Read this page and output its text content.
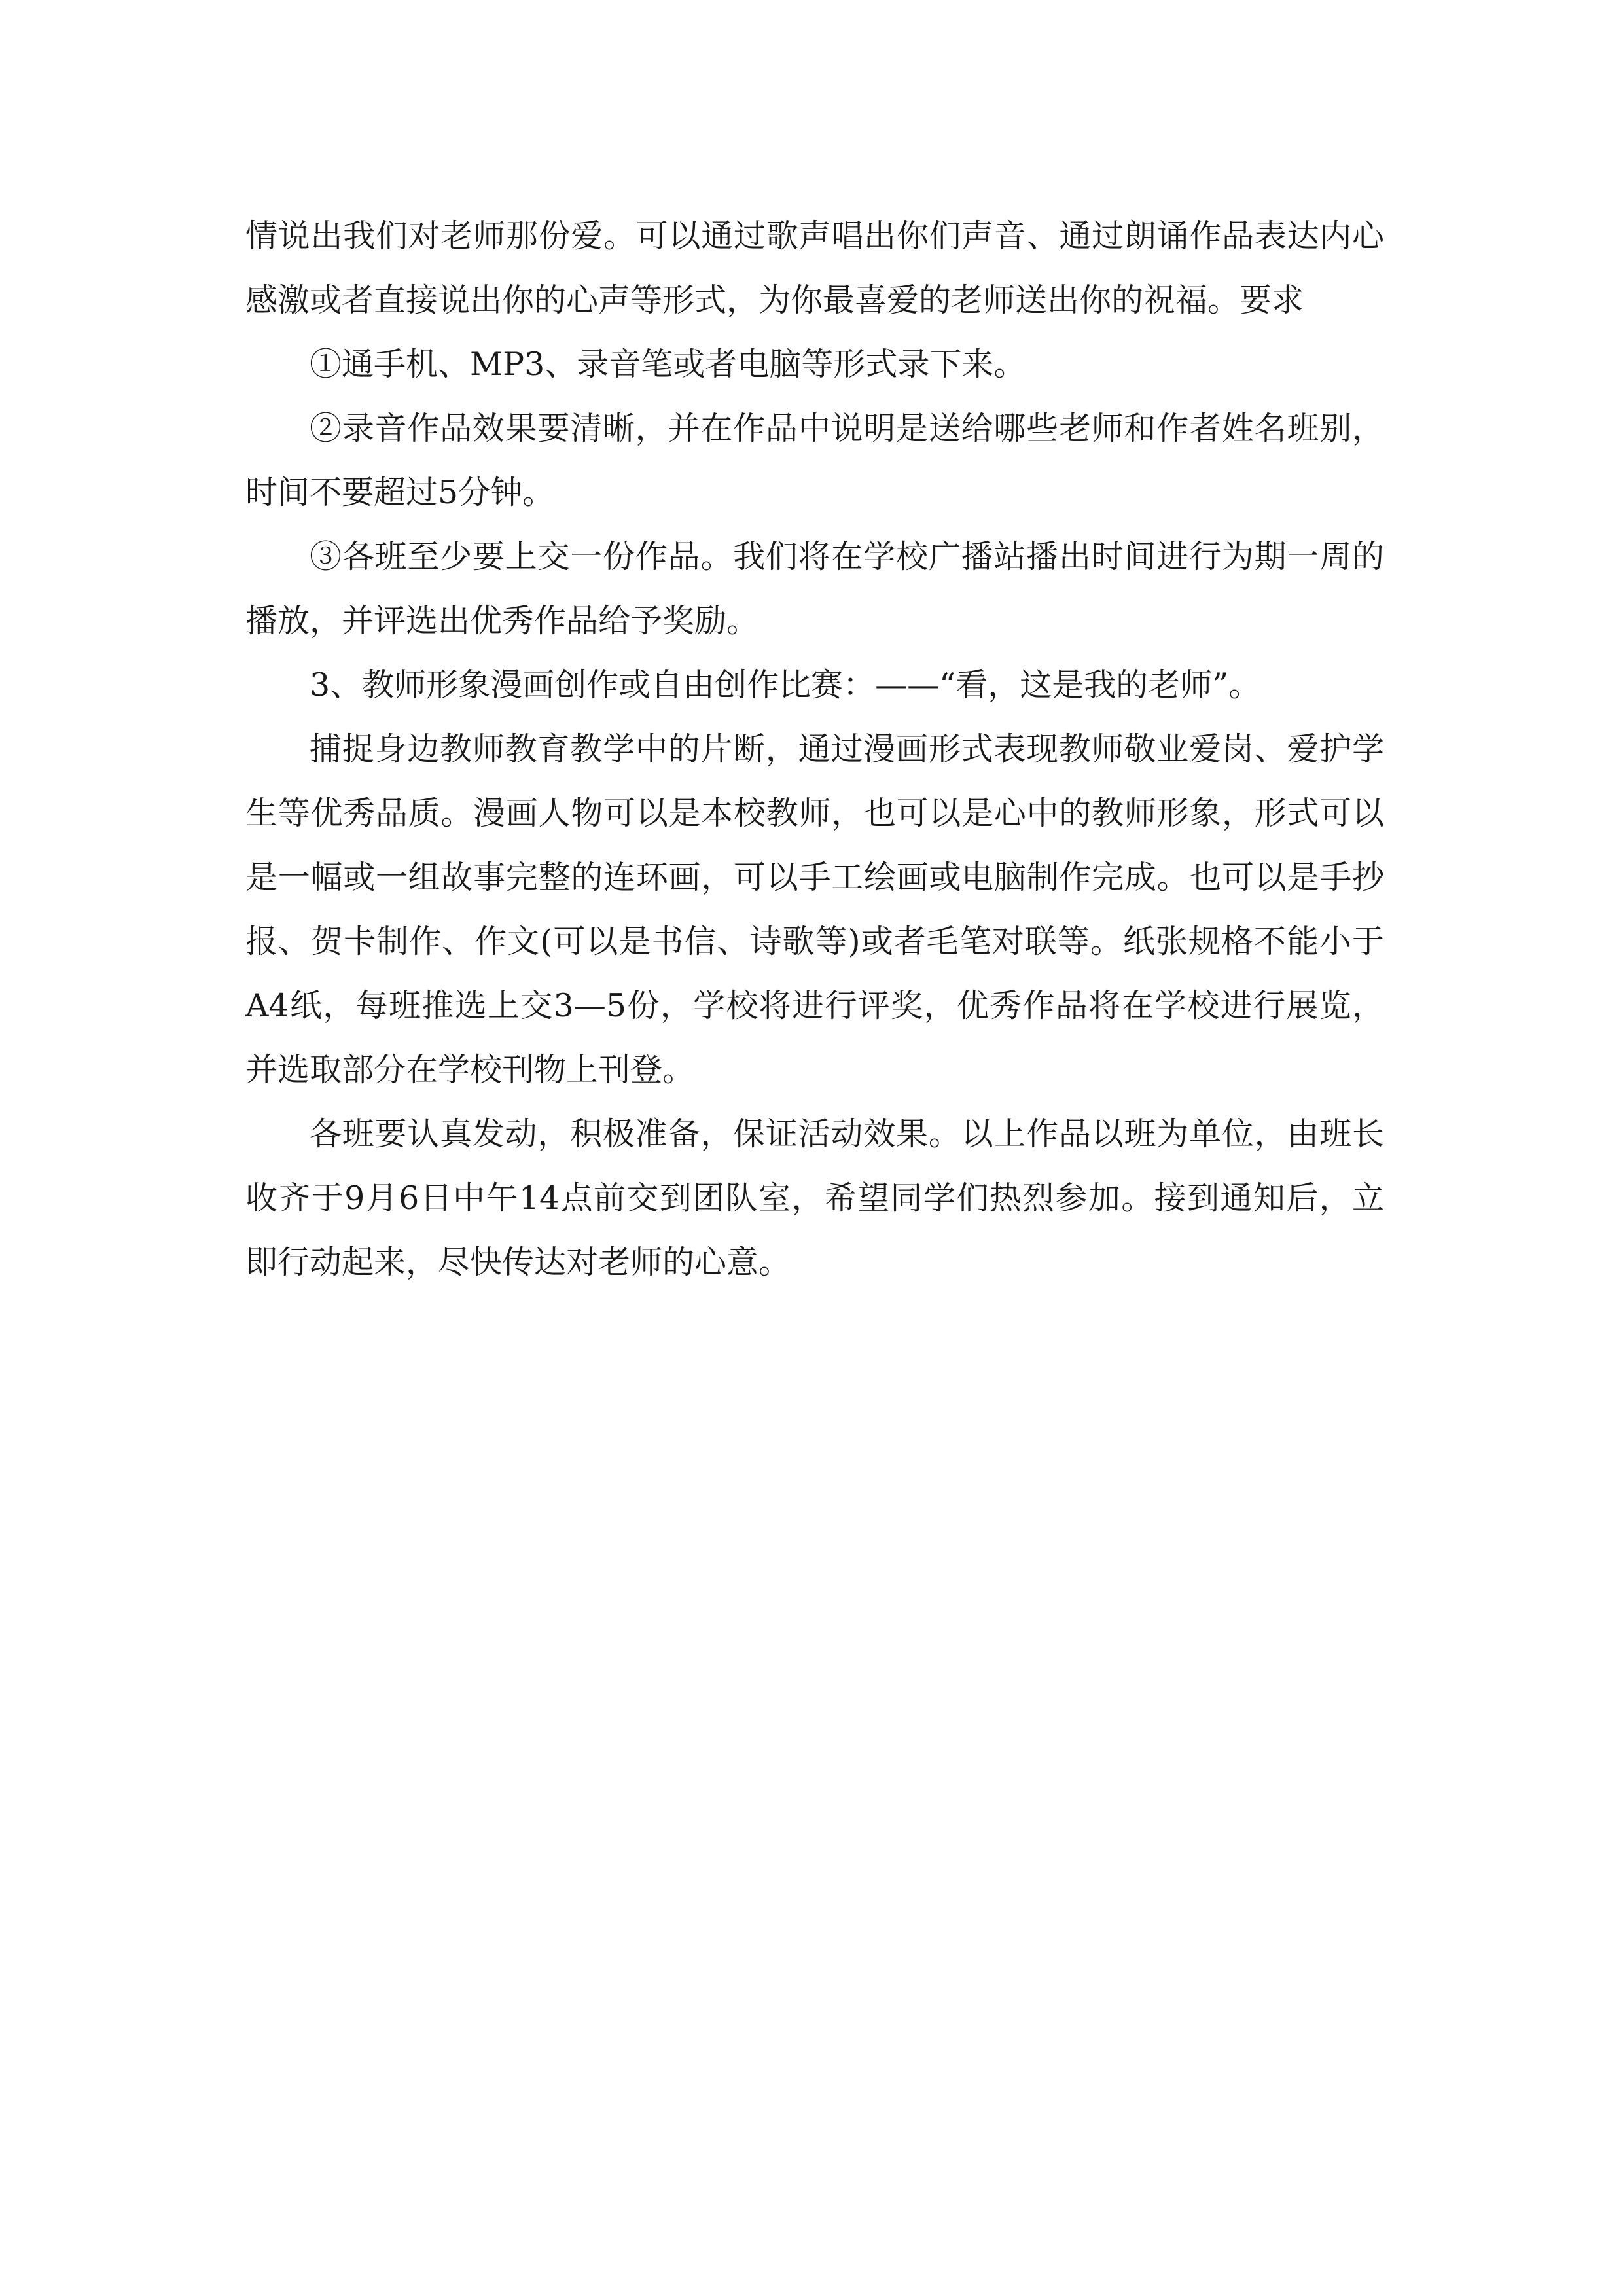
情说出我们对老师那份爱。可以通过歌声唱出你们声音、通过朗诵作品表达内心感激或者直接说出你的心声等形式，为你最喜爱的老师送出你的祝福。要求

①通手机、MP3、录音笔或者电脑等形式录下来。

②录音作品效果要清晰，并在作品中说明是送给哪些老师和作者姓名班别，时间不要超过5分钟。

③各班至少要上交一份作品。我们将在学校广播站播出时间进行为期一周的播放，并评选出优秀作品给予奖励。

3、教师形象漫画创作或自由创作比赛：——“看，这是我的老师”。

捕捉身边教师教育教学中的片断，通过漫画形式表现教师敬业爱岗、爱护学生等优秀品质。漫画人物可以是本校教师，也可以是心中的教师形象，形式可以是一幅或一组故事完整的连环画，可以手工绘画或电脑制作完成。也可以是手抄报、贺卡制作、作文(可以是书信、诗歌等)或者毛笔对联等。纸张规格不能小于A4纸，每班推选上交3—5份，学校将进行评奖，优秀作品将在学校进行展览，并选取部分在学校刊物上刊登。

各班要认真发动，积极准备，保证活动效果。以上作品以班为单位，由班长收齐于9月6日中午14点前交到团队室，希望同学们热烈参加。接到通知后，立即行动起来，尽快传达对老师的心意。
